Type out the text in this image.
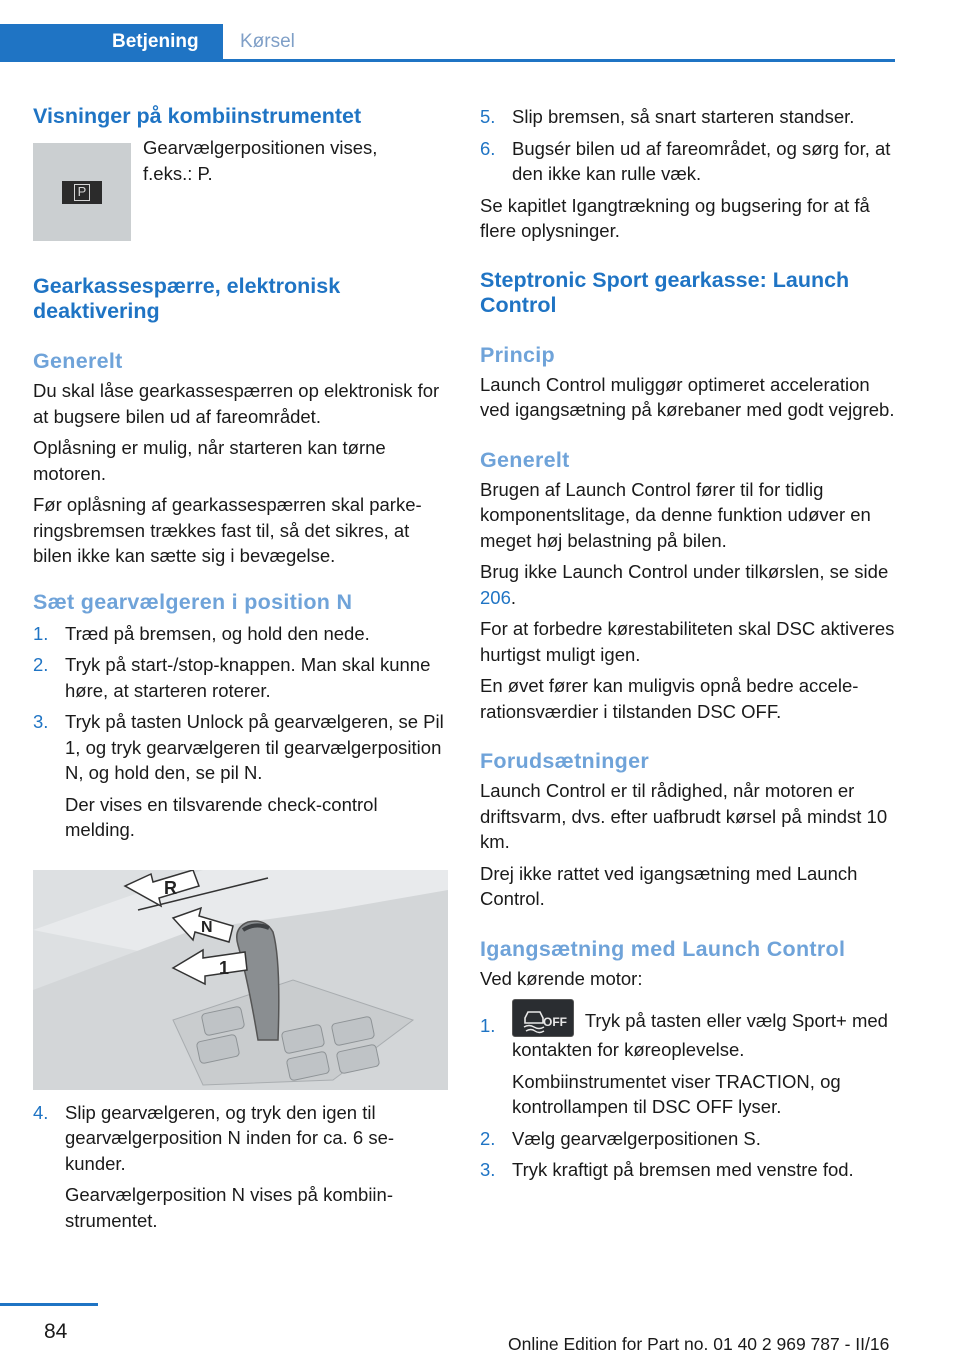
Betjening	Kørsel
Visninger på kombiinstrumentet
P

Gearvælgerpositionen vises, f.eks.: P.

Gearkassespærre, elektronisk deaktivering
Generelt

Du skal låse gearkassespærren op elektronisk for at bugsere bilen ud af fareområdet.

Oplåsning er mulig, når starteren kan tørne motoren.

Før oplåsning af gearkassespærren skal parkeringsbremsen trækkes fast til, så det sikres, at bilen ikke kan sætte sig i bevægelse.

Sæt gearvælgeren i position N
1. Træd på bremsen, og hold den nede.

2. Tryk på start-/stop-knappen. Man skal kunne høre, at starteren roterer.

3. Tryk på tasten Unlock på gearvælgeren, se Pil 1, og tryk gearvælgeren til gearvælgerposition N, og hold den, se pil N.

Der vises en tilsvarende check-control melding.

R
N
1
4. Slip gearvælgeren, og tryk den igen til gearvælgerposition N inden for ca. 6 sekunder.

Gearvælgerposition N vises på kombiinstrumentet.

5. Slip bremsen, så snart starteren standser.

6. Bugsér bilen ud af fareområdet, og sørg for, at den ikke kan rulle væk.

Se kapitlet Igangtrækning og bugsering for at få flere oplysninger.

Steptronic Sport gearkasse: Launch Control
Princip

Launch Control muliggør optimeret acceleration ved igangsætning på kørebaner med godt vejgreb.

Generelt

Brugen af Launch Control fører til for tidlig komponentslitage, da denne funktion udøver en meget høj belastning på bilen.

Brug ikke Launch Control under tilkørslen, se side 206.

For at forbedre kørestabiliteten skal DSC aktiveres hurtigst muligt igen.

En øvet fører kan muligvis opnå bedre accelerationsværdier i tilstanden DSC OFF.

Forudsætninger

Launch Control er til rådighed, når motoren er driftsvarm, dvs. efter uafbrudt kørsel på mindst 10 km.

Drej ikke rattet ved igangsætning med Launch Control.

Igangsætning med Launch Control

Ved kørende motor:

1.	OFF Tryk på tasten eller vælg Sport+ med kontakten for køreoplevelse.

Kombiinstrumentet viser TRACTION, og kontrollampen til DSC OFF lyser.

2. Vælg gearvælgerpositionen S.

3. Tryk kraftigt på bremsen med venstre fod.

84
Online Edition for Part no. 01 40 2 969 787 - II/16
